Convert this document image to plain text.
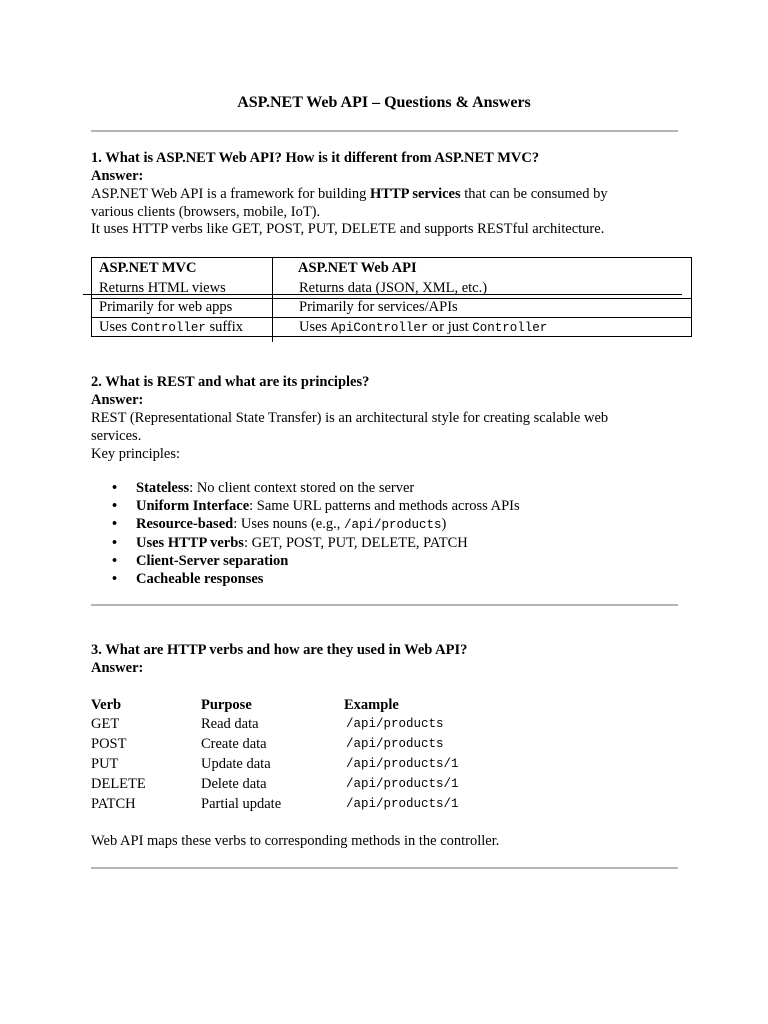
ASP.NET Web API – Questions & Answers
1. What is ASP.NET Web API? How is it different from ASP.NET MVC?
Answer:
ASP.NET Web API is a framework for building HTTP services that can be consumed by
various clients (browsers, mobile, IoT).
It uses HTTP verbs like GET, POST, PUT, DELETE and supports RESTful architecture.
ASP.NET MVC	ASP.NET Web API
Returns HTML views	Returns data (JSON, XML, etc.)
Primarily for web apps	Primarily for services/APIs
Uses Controller suffix	Uses ApiController or just Controller
2. What is REST and what are its principles?
Answer:
REST (Representational State Transfer) is an architectural style for creating scalable web
services.
Key principles:
• Stateless: No client context stored on the server
• Uniform Interface: Same URL patterns and methods across APIs
• Resource-based: Uses nouns (e.g., /api/products)
• Uses HTTP verbs: GET, POST, PUT, DELETE, PATCH
• Client-Server separation
• Cacheable responses
3. What are HTTP verbs and how are they used in Web API?
Answer:
Verb	Purpose	Example
GET	Read data	/api/products
POST	Create data	/api/products
PUT	Update data	/api/products/1
DELETE	Delete data	/api/products/1
PATCH	Partial update	/api/products/1
Web API maps these verbs to corresponding methods in the controller.
